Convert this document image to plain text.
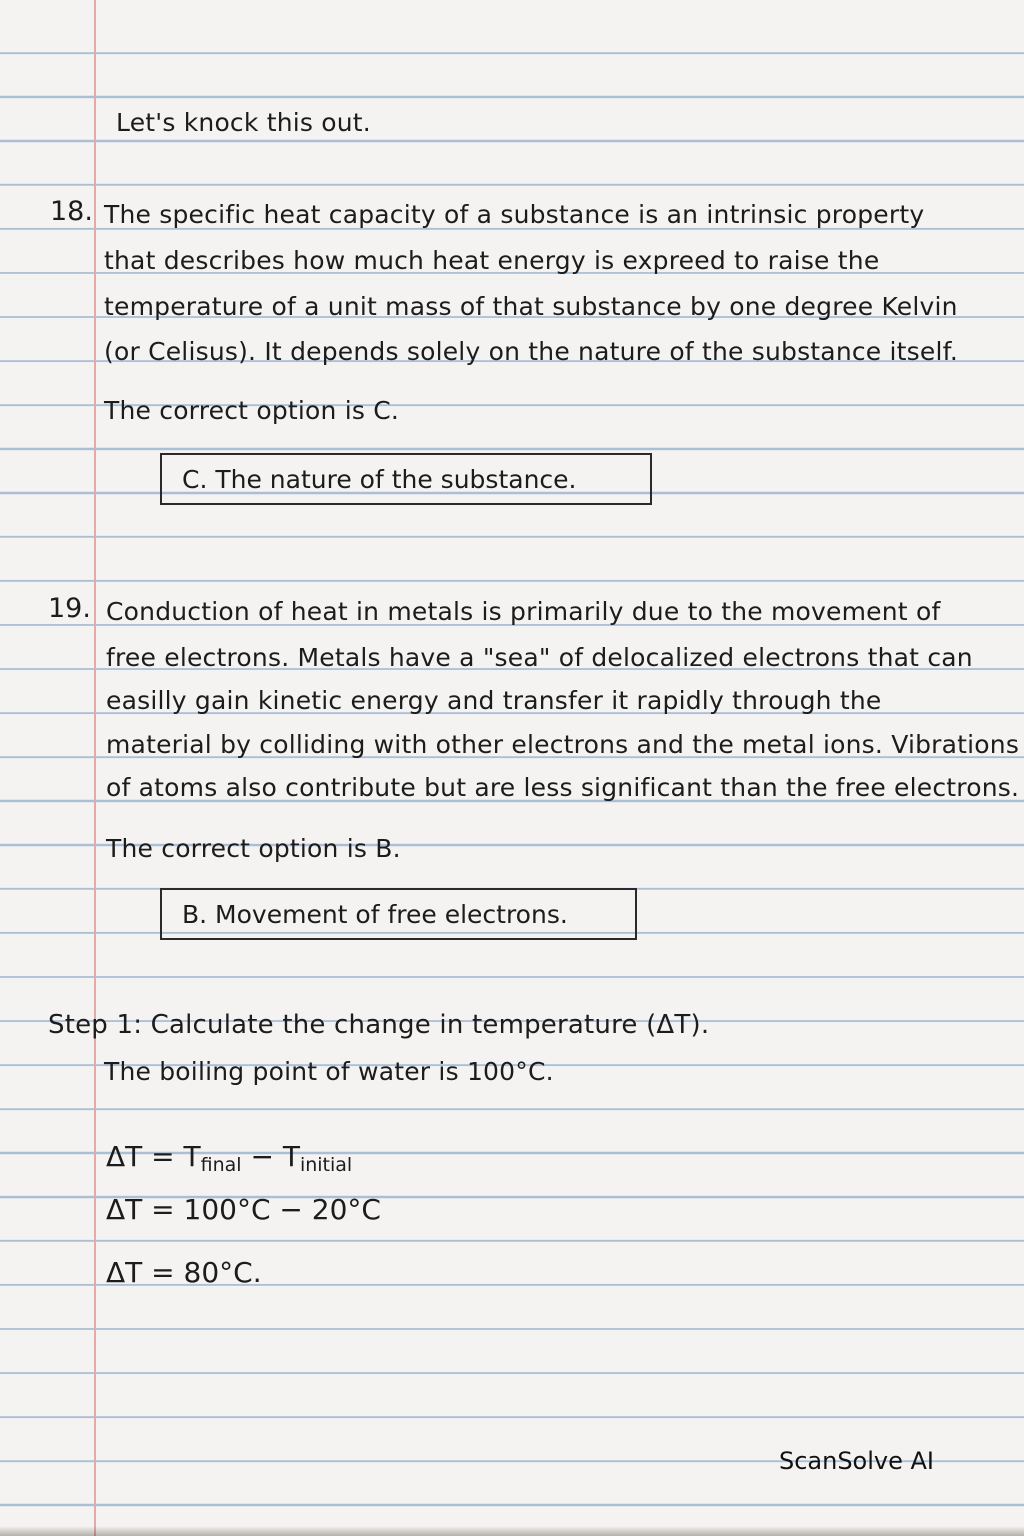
Let's knock this out.

18. The specific heat capacity of a substance is an intrinsic property

that describes how much heat energy is expreed to raise the

temperature of a unit mass of that substance by one degree Kelvin

(or Celisus). It depends solely on the nature of the substance itself.

The correct option is C.

C. The nature of the substance.

19. Conduction of heat in metals is primarily due to the movement of

free electrons. Metals have a "sea" of delocalized electrons that can

easilly gain kinetic energy and transfer it rapidly through the

material by colliding with other electrons and the metal ions. Vibrations

of atoms also contribute but are less significant than the free electrons.

The correct option is B.

B. Movement of free electrons.

Step 1: Calculate the change in temperature (ΔT).

The boiling point of water is 100°C.

$\Delta T = T_{final} - T_{initial}$

ΔT = 100°C − 20°C

ΔT = 80°C.

ScanSolve AI
